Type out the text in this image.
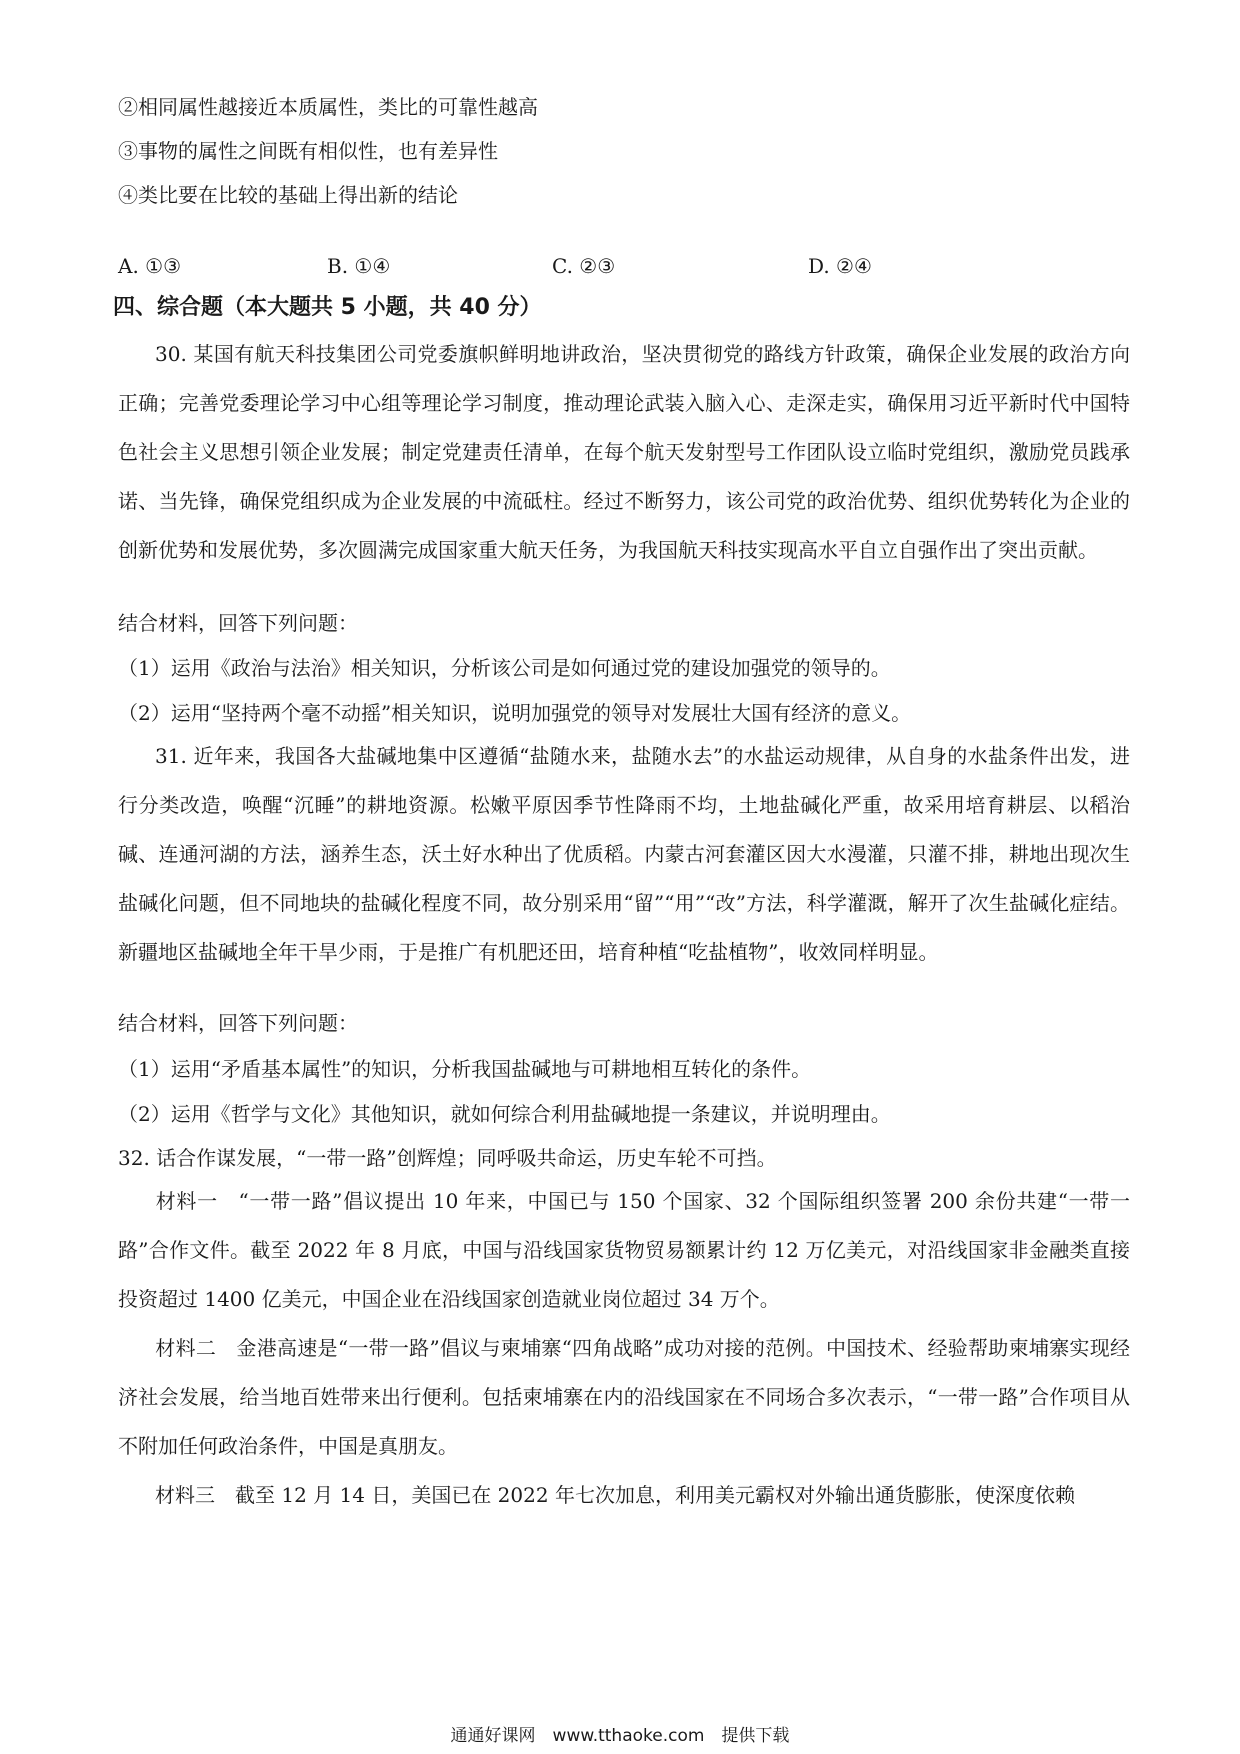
②相同属性越接近本质属性，类比的可靠性越高
③事物的属性之间既有相似性，也有差异性
④类比要在比较的基础上得出新的结论
A. ①③	B. ①④	C. ②③	D. ②④
四、综合题（本大题共 5 小题，共 40 分）
30. 某国有航天科技集团公司党委旗帜鲜明地讲政治，坚决贯彻党的路线方针政策，确保企业发展的政治方向正确；完善党委理论学习中心组等理论学习制度，推动理论武装入脑入心、走深走实，确保用习近平新时代中国特色社会主义思想引领企业发展；制定党建责任清单，在每个航天发射型号工作团队设立临时党组织，激励党员践承诺、当先锋，确保党组织成为企业发展的中流砥柱。经过不断努力，该公司党的政治优势、组织优势转化为企业的创新优势和发展优势，多次圆满完成国家重大航天任务，为我国航天科技实现高水平自立自强作出了突出贡献。
结合材料，回答下列问题：
（1）运用《政治与法治》相关知识，分析该公司是如何通过党的建设加强党的领导的。
（2）运用“坚持两个毫不动摇”相关知识，说明加强党的领导对发展壮大国有经济的意义。
31. 近年来，我国各大盐碱地集中区遵循“盐随水来，盐随水去”的水盐运动规律，从自身的水盐条件出发，进行分类改造，唤醒“沉睡”的耕地资源。松嫩平原因季节性降雨不均，土地盐碱化严重，故采用培育耕层、以稻治碱、连通河湖的方法，涵养生态，沃土好水种出了优质稻。内蒙古河套灌区因大水漫灌，只灌不排，耕地出现次生盐碱化问题，但不同地块的盐碱化程度不同，故分别采用“留”“用”“改”方法，科学灌溉，解开了次生盐碱化症结。新疆地区盐碱地全年干旱少雨，于是推广有机肥还田，培育种植“吃盐植物”，收效同样明显。
结合材料，回答下列问题：
（1）运用“矛盾基本属性”的知识，分析我国盐碱地与可耕地相互转化的条件。
（2）运用《哲学与文化》其他知识，就如何综合利用盐碱地提一条建议，并说明理由。
32. 话合作谋发展，“一带一路”创辉煌；同呼吸共命运，历史车轮不可挡。
材料一　“一带一路”倡议提出 10 年来，中国已与 150 个国家、32 个国际组织签署 200 余份共建“一带一路”合作文件。截至 2022 年 8 月底，中国与沿线国家货物贸易额累计约 12 万亿美元，对沿线国家非金融类直接投资超过 1400 亿美元，中国企业在沿线国家创造就业岗位超过 34 万个。
材料二　金港高速是“一带一路”倡议与柬埔寨“四角战略”成功对接的范例。中国技术、经验帮助柬埔寨实现经济社会发展，给当地百姓带来出行便利。包括柬埔寨在内的沿线国家在不同场合多次表示，“一带一路”合作项目从不附加任何政治条件，中国是真朋友。
材料三　截至 12 月 14 日，美国已在 2022 年七次加息，利用美元霸权对外输出通货膨胀，使深度依赖
通通好课网　www.tthaoke.com　提供下载
